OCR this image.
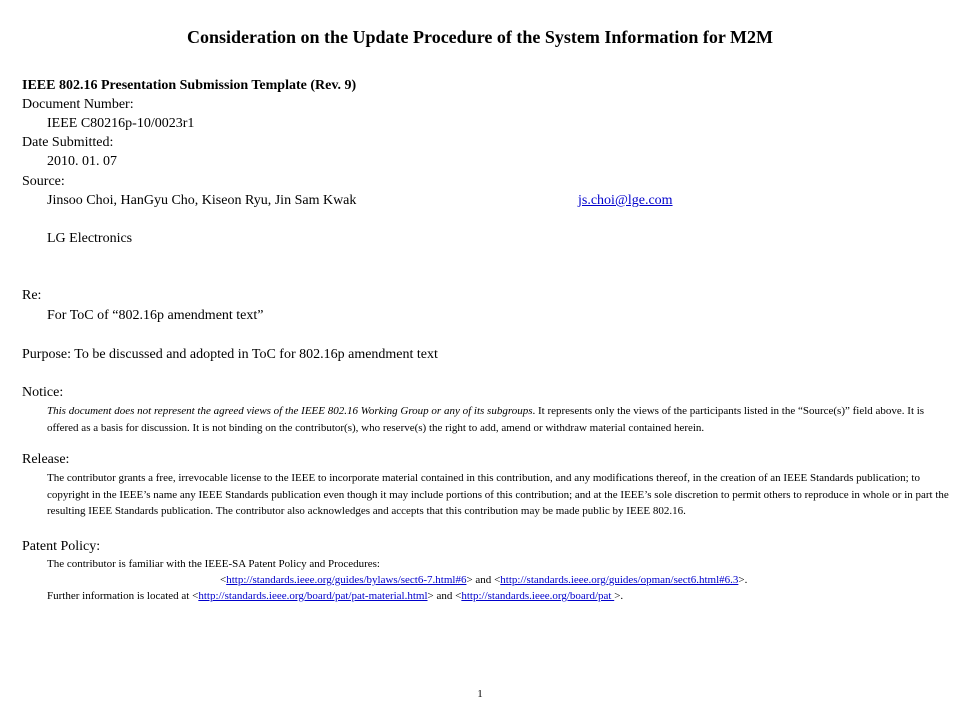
Consideration on the Update Procedure of the System Information for M2M
IEEE 802.16 Presentation Submission Template (Rev. 9)
Document Number:
IEEE C80216p-10/0023r1
Date Submitted:
2010. 01. 07
Source:
Jinsoo Choi, HanGyu Cho, Kiseon Ryu, Jin Sam Kwak	js.choi@lge.com
LG Electronics
Re:
For ToC of “802.16p amendment text”
Purpose: To be discussed and adopted in ToC for 802.16p amendment text
Notice:
This document does not represent the agreed views of the IEEE 802.16 Working Group or any of its subgroups. It represents only the views of the participants listed in the “Source(s)” field above. It is offered as a basis for discussion. It is not binding on the contributor(s), who reserve(s) the right to add, amend or withdraw material contained herein.
Release:
The contributor grants a free, irrevocable license to the IEEE to incorporate material contained in this contribution, and any modifications thereof, in the creation of an IEEE Standards publication; to copyright in the IEEE’s name any IEEE Standards publication even though it may include portions of this contribution; and at the IEEE’s sole discretion to permit others to reproduce in whole or in part the resulting IEEE Standards publication. The contributor also acknowledges and accepts that this contribution may be made public by IEEE 802.16.
Patent Policy:
The contributor is familiar with the IEEE-SA Patent Policy and Procedures:
<http://standards.ieee.org/guides/bylaws/sect6-7.html#6> and <http://standards.ieee.org/guides/opman/sect6.html#6.3>.
Further information is located at <http://standards.ieee.org/board/pat/pat-material.html> and <http://standards.ieee.org/board/pat >.
1
